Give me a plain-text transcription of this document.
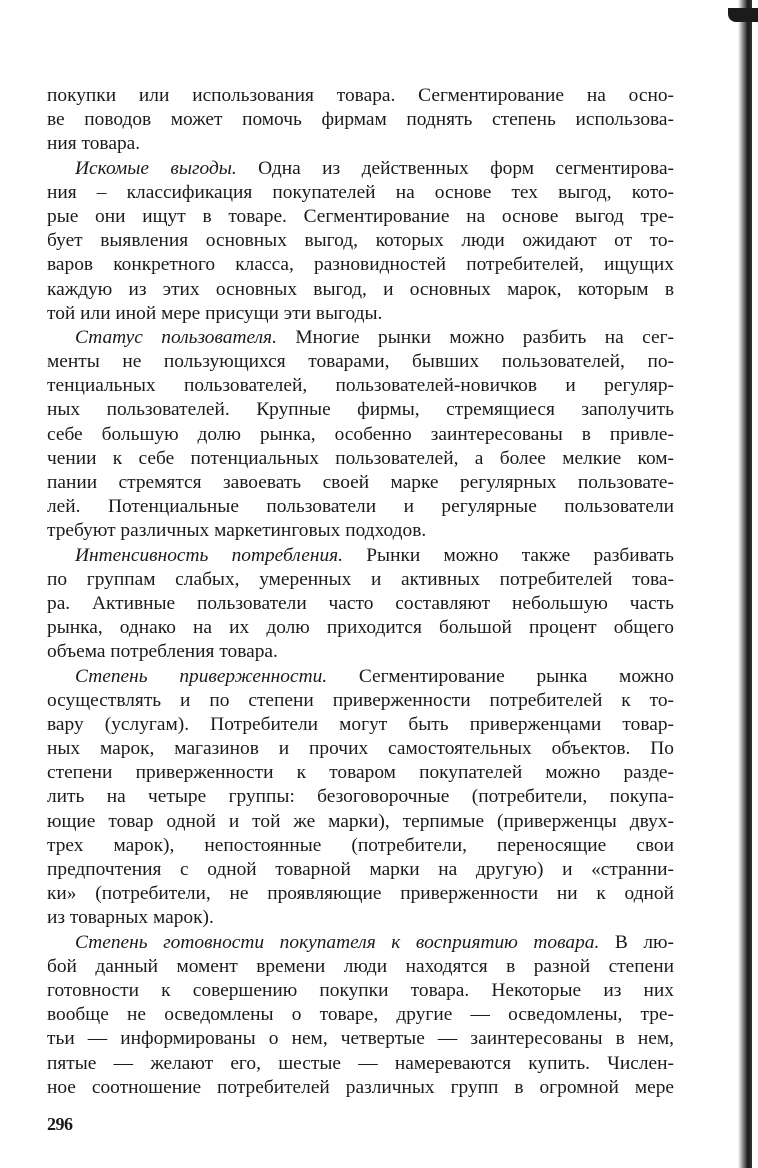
покупки или использования товара. Сегментирование на осно-
ве поводов может помочь фирмам поднять степень использова-
ния товара.
Искомые выгоды. Одна из действенных форм сегментирова-
ния – классификация покупателей на основе тех выгод, кото-
рые они ищут в товаре. Сегментирование на основе выгод тре-
бует выявления основных выгод, которых люди ожидают от то-
варов конкретного класса, разновидностей потребителей, ищущих
каждую из этих основных выгод, и основных марок, которым в
той или иной мере присущи эти выгоды.
Статус пользователя. Многие рынки можно разбить на сег-
менты не пользующихся товарами, бывших пользователей, по-
тенциальных пользователей, пользователей-новичков и регуляр-
ных пользователей. Крупные фирмы, стремящиеся заполучить
себе большую долю рынка, особенно заинтересованы в привле-
чении к себе потенциальных пользователей, а более мелкие ком-
пании стремятся завоевать своей марке регулярных пользовате-
лей. Потенциальные пользователи и регулярные пользователи
требуют различных маркетинговых подходов.
Интенсивность потребления. Рынки можно также разбивать
по группам слабых, умеренных и активных потребителей това-
ра. Активные пользователи часто составляют небольшую часть
рынка, однако на их долю приходится большой процент общего
объема потребления товара.
Степень приверженности. Сегментирование рынка можно
осуществлять и по степени приверженности потребителей к то-
вару (услугам). Потребители могут быть приверженцами товар-
ных марок, магазинов и прочих самостоятельных объектов. По
степени приверженности к товаром покупателей можно разде-
лить на четыре группы: безоговорочные (потребители, покупа-
ющие товар одной и той же марки), терпимые (приверженцы двух-
трех марок), непостоянные (потребители, переносящие свои
предпочтения с одной товарной марки на другую) и «странни-
ки» (потребители, не проявляющие приверженности ни к одной
из товарных марок).
Степень готовности покупателя к восприятию товара. В лю-
бой данный момент времени люди находятся в разной степени
готовности к совершению покупки товара. Некоторые из них
вообще не осведомлены о товаре, другие — осведомлены, тре-
тьи — информированы о нем, четвертые — заинтересованы в нем,
пятые — желают его, шестые — намереваются купить. Числен-
ное соотношение потребителей различных групп в огромной мере
296
